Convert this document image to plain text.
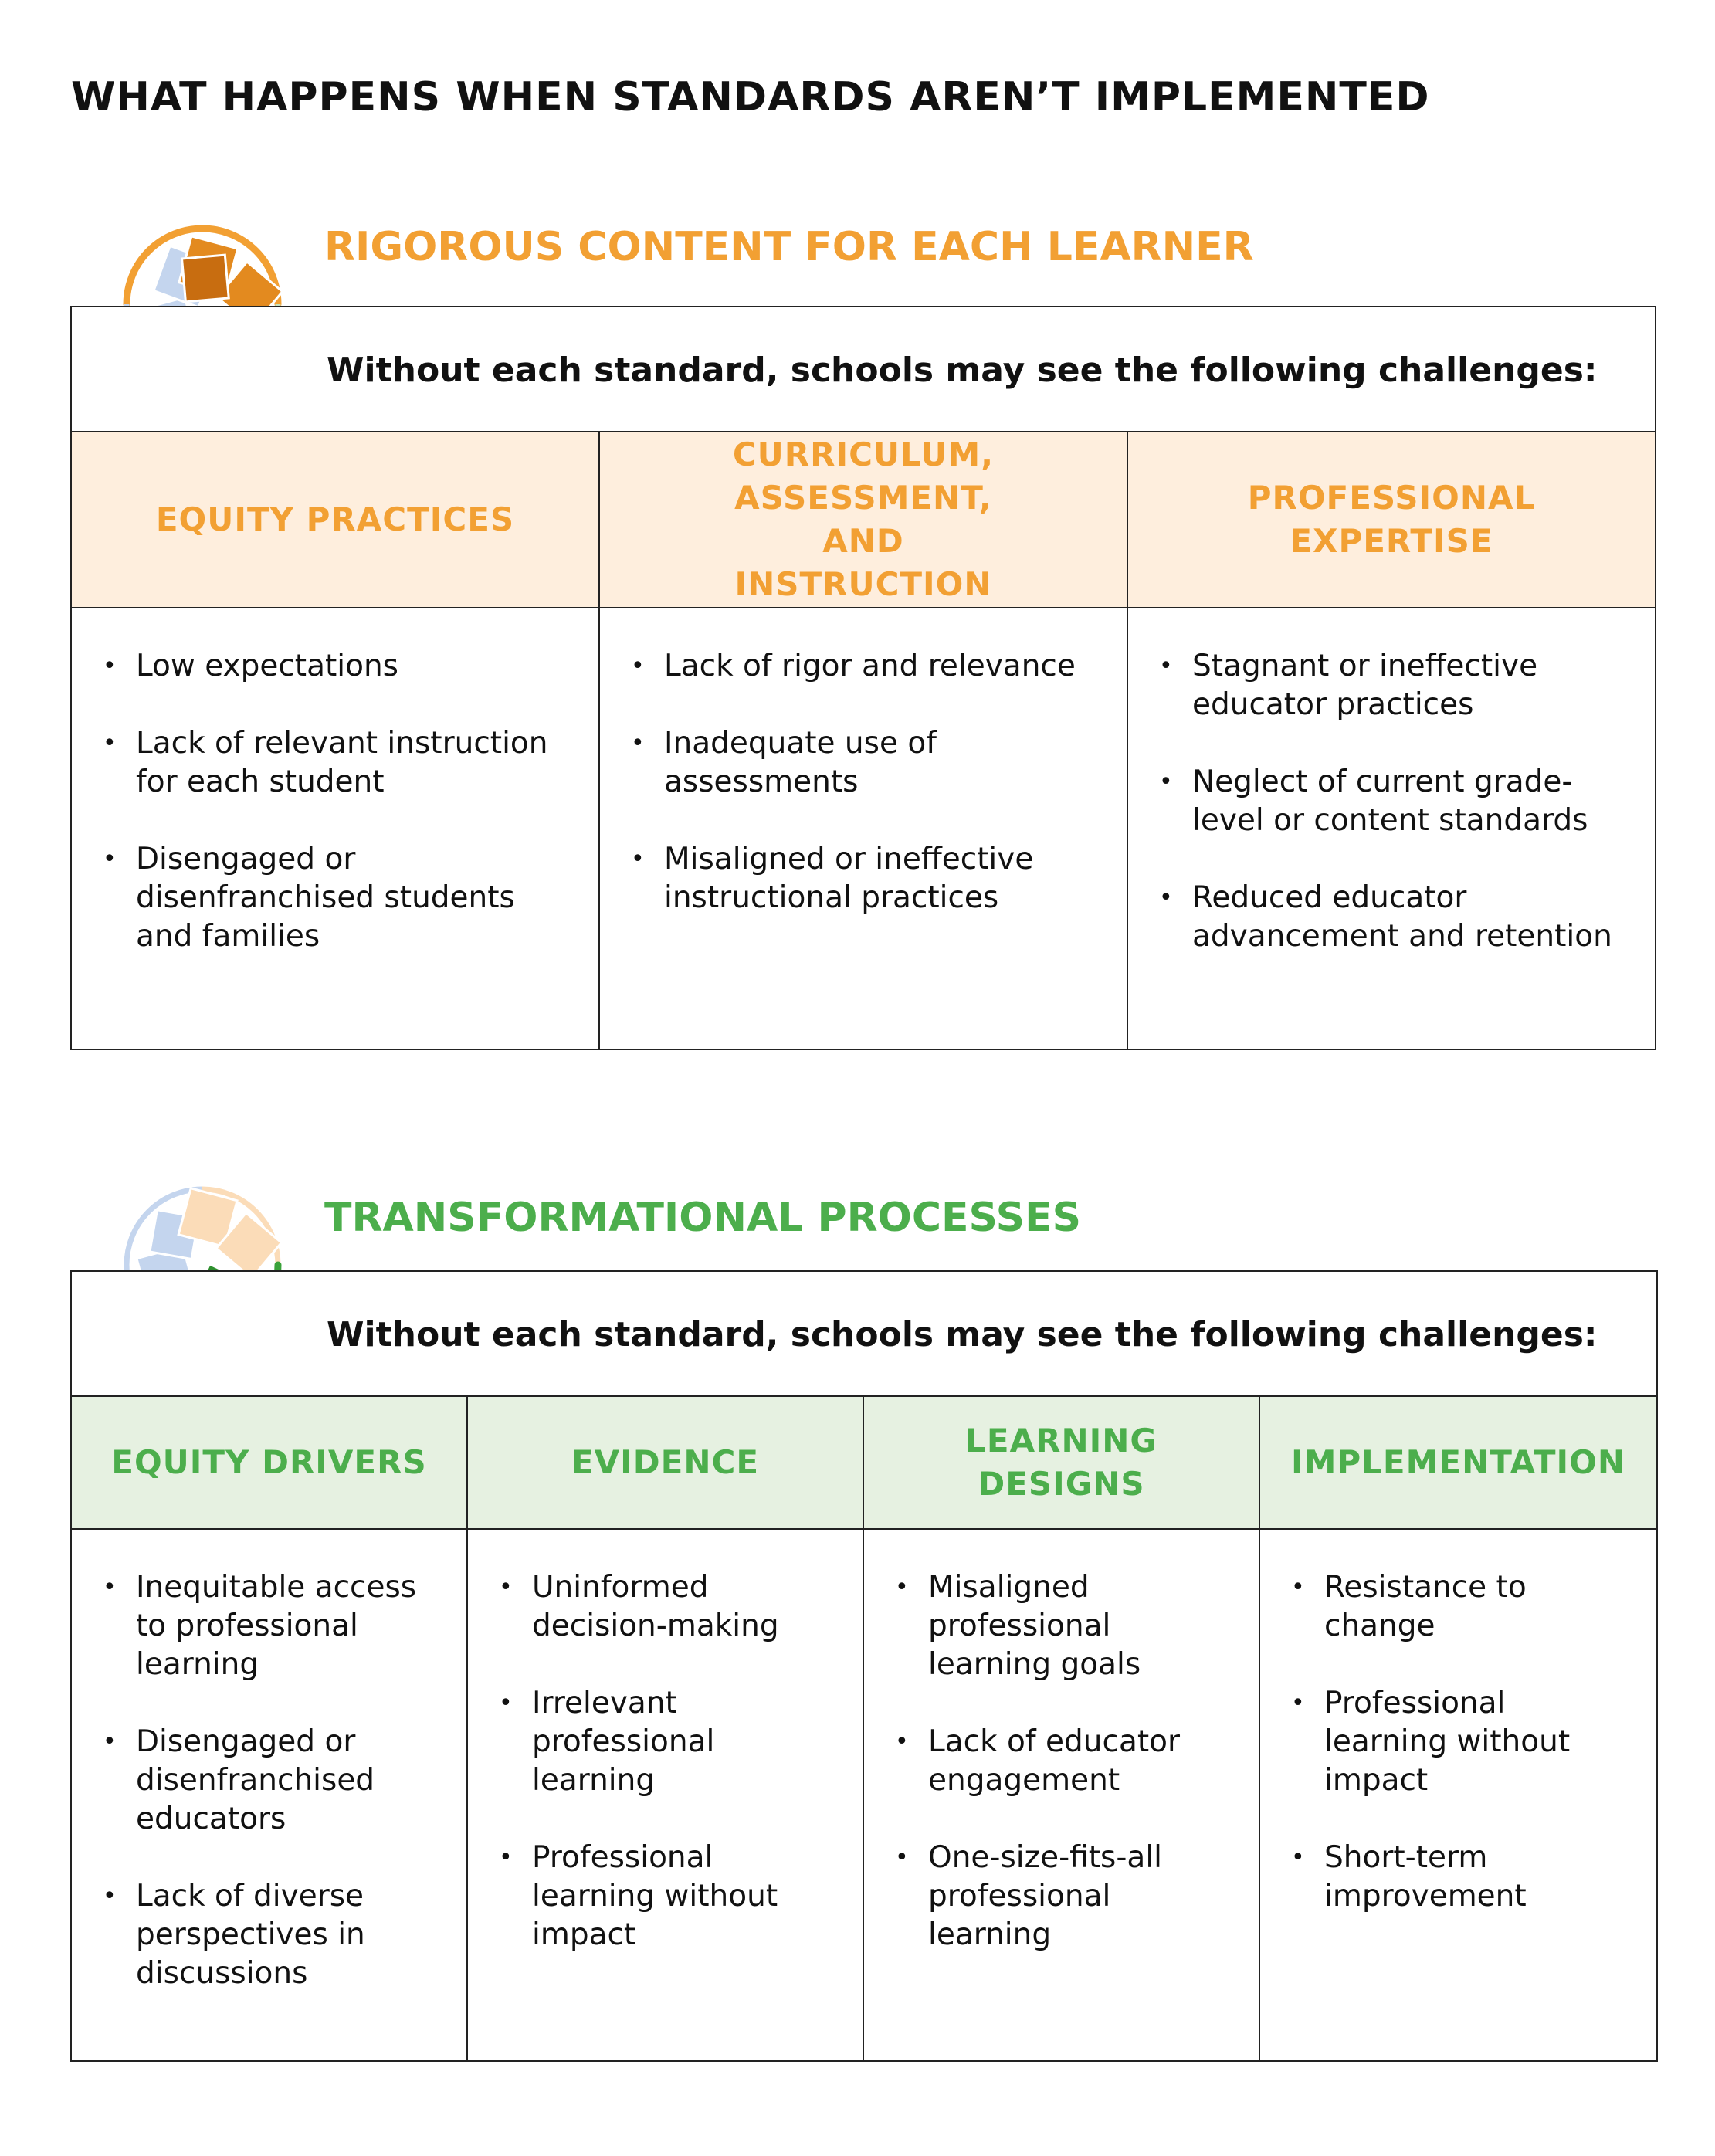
WHAT HAPPENS WHEN STANDARDS AREN’T IMPLEMENTED
RIGOROUS CONTENT FOR EACH LEARNER
Without each standard, schools may see the following challenges:
EQUITY PRACTICES
CURRICULUM, ASSESSMENT, AND INSTRUCTION
PROFESSIONAL EXPERTISE
• Low expectations
• Lack of relevant instruction for each student
• Disengaged or disenfranchised students and families
• Lack of rigor and relevance
• Inadequate use of assessments
• Misaligned or ineffective instructional practices
• Stagnant or ineffective educator practices
• Neglect of current grade-level or content standards
• Reduced educator advancement and retention
TRANSFORMATIONAL PROCESSES
Without each standard, schools may see the following challenges:
EQUITY DRIVERS	EVIDENCE
LEARNING DESIGNS
IMPLEMENTATION
• Inequitable access to professional learning
• Disengaged or disenfranchised educators
• Lack of diverse perspectives in discussions
• Uninformed decision-making
• Irrelevant professional learning
• Professional learning without impact
• Misaligned professional learning goals
• Lack of educator engagement
• One-size-fits-all professional learning
• Resistance to change
• Professional learning without impact
• Short-term improvement
